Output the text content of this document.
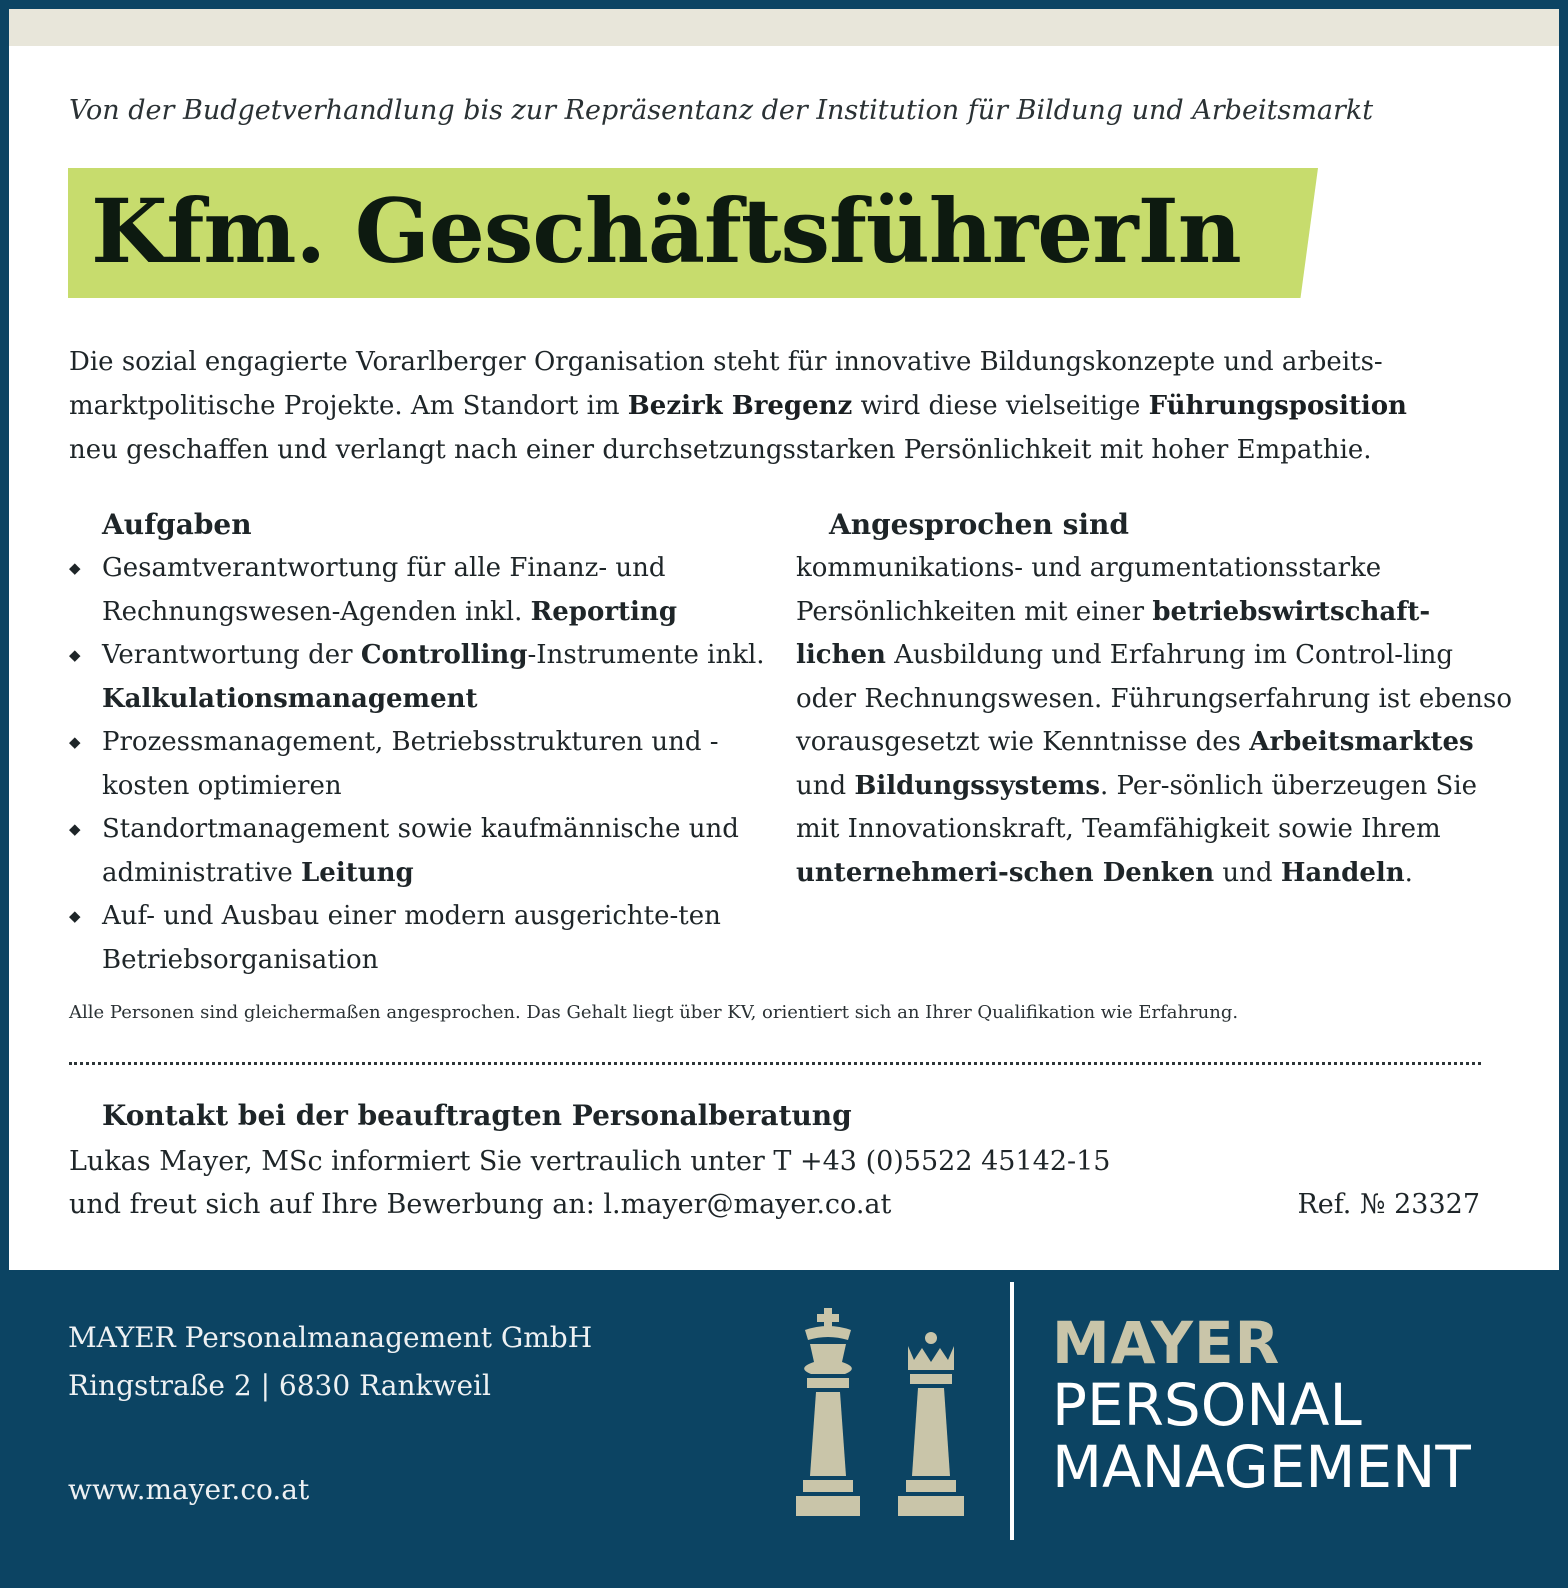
Von der Budgetverhandlung bis zur Repräsentanz der Institution für Bildung und Arbeitsmarkt
Kfm. GeschäftsführerIn

Die sozial engagierte Vorarlberger Organisation steht für innovative Bildungskonzepte und arbeits-
marktpolitische Projekte. Am Standort im Bezirk Bregenz wird diese vielseitige Führungsposition
neu geschaffen und verlangt nach einer durchsetzungsstarken Persönlichkeit mit hoher Empathie.

Aufgaben
◆ Gesamtverantwortung für alle Finanz- und Rechnungswesen-Agenden inkl. Reporting
◆ Verantwortung der Controlling-Instrumente inkl. Kalkulationsmanagement
◆ Prozessmanagement, Betriebsstrukturen und -kosten optimieren
◆ Standortmanagement sowie kaufmännische und administrative Leitung
◆ Auf- und Ausbau einer modern ausgerichte-ten Betriebsorganisation
Angesprochen sind

kommunikations- und argumentationsstarke Persönlichkeiten mit einer betriebswirtschaft-lichen Ausbildung und Erfahrung im Control-ling oder Rechnungswesen. Führungserfahrung ist ebenso vorausgesetzt wie Kenntnisse des Arbeitsmarktes und Bildungssystems. Per-sönlich überzeugen Sie mit Innovationskraft, Teamfähigkeit sowie Ihrem unternehmeri-schen Denken und Handeln.

Alle Personen sind gleichermaßen angesprochen. Das Gehalt liegt über KV, orientiert sich an Ihrer Qualifikation wie Erfahrung.
Kontakt bei der beauftragten Personalberatung
Lukas Mayer, MSc informiert Sie vertraulich unter T +43 (0)5522 45142-15
und freut sich auf Ihre Bewerbung an: l.mayer@mayer.co.at	Ref. № 23327
MAYER Personalmanagement GmbH
Ringstraße 2 | 6830 Rankweil
www.mayer.co.at
MAYER
PERSONAL
MANAGEMENT
